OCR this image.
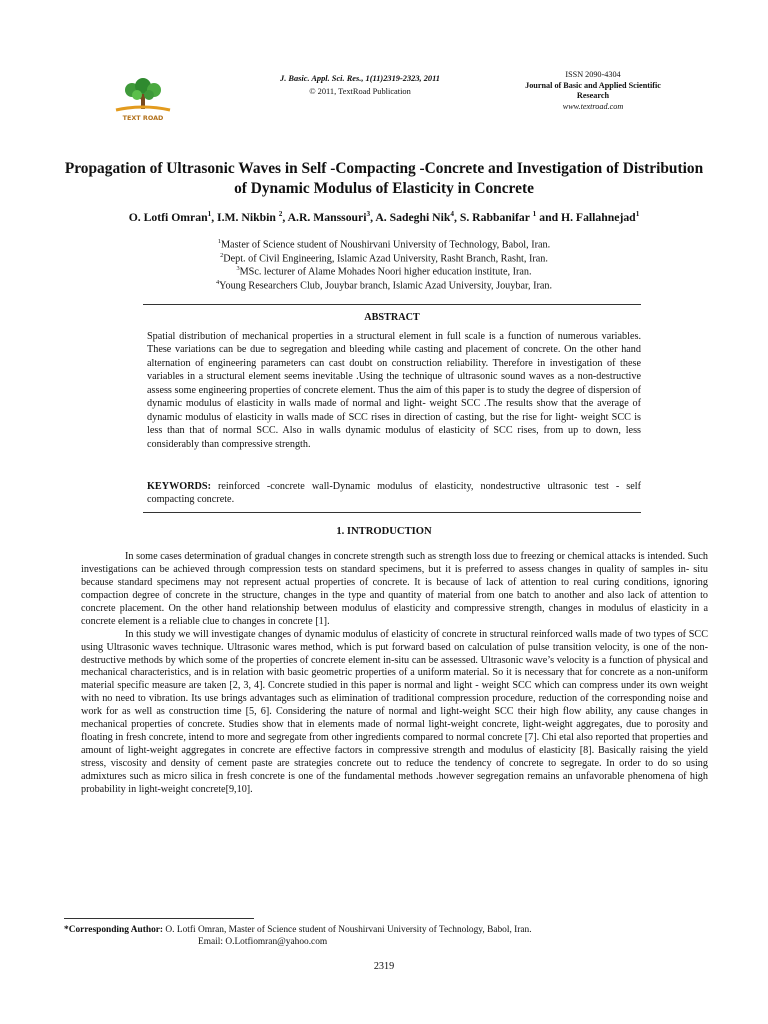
TEXT ROAD
J. Basic. Appl. Sci. Res., 1(11)2319-2323, 2011
© 2011, TextRoad Publication
ISSN 2090-4304
Journal of Basic and Applied Scientific Research
www.textroad.com
Propagation of Ultrasonic Waves in Self -Compacting -Concrete and Investigation of Distribution of Dynamic Modulus of Elasticity in Concrete
O. Lotfi Omran$^1$, I.M. Nikbin $^2$, A.R. Manssouri$^3$, A. Sadeghi Nik$^4$, S. Rabbanifar $^1$ and H. Fallahnejad$^1$
$^1$Master of Science student of Noushirvani University of Technology, Babol, Iran.
$^2$Dept. of Civil Engineering, Islamic Azad University, Rasht Branch, Rasht, Iran.
$^3$MSc. lecturer of Alame Mohades Noori higher education institute, Iran.
$^4$Young Researchers Club, Jouybar branch, Islamic Azad University, Jouybar, Iran.
ABSTRACT
Spatial distribution of mechanical properties in a structural element in full scale is a function of numerous variables. These variations can be due to segregation and bleeding while casting and placement of concrete. On the other hand alternation of engineering parameters can cast doubt on construction reliability. Therefore in investigation of these variables in a structural element seems inevitable .Using the technique of ultrasonic sound waves as a non-destructive assess some engineering properties of concrete element. Thus the aim of this paper is to study the degree of dispersion of dynamic modulus of elasticity in walls made of normal and light- weight SCC .The results show that the average of dynamic modulus of elasticity in walls made of SCC rises in direction of casting, but the rise for light- weight SCC is less than that of normal SCC. Also in walls dynamic modulus of elasticity of SCC rises, from up to down, less considerably than compressive strength.
KEYWORDS: reinforced -concrete wall-Dynamic modulus of elasticity, nondestructive ultrasonic test - self compacting concrete.
1. INTRODUCTION

In some cases determination of gradual changes in concrete strength such as strength loss due to freezing or chemical attacks is intended. Such investigations can be achieved through compression tests on standard specimens, but it is preferred to assess changes in quality of samples in- situ because standard specimens may not represent actual properties of concrete. It is because of lack of attention to real curing conditions, ignoring compaction degree of concrete in the structure, changes in the type and quantity of material from one batch to another and also lack of attention to concrete placement. On the other hand relationship between modulus of elasticity and compressive strength, changes in modulus of elasticity in a concrete element is a reliable clue to changes in concrete [1].

In this study we will investigate changes of dynamic modulus of elasticity of concrete in structural reinforced walls made of two types of SCC using Ultrasonic waves technique. Ultrasonic wares method, which is put forward based on calculation of pulse transition velocity, is one of the non-destructive methods by which some of the properties of concrete element in-situ can be assessed. Ultrasonic wave’s velocity is a function of physical and mechanical characteristics, and is in relation with basic geometric properties of a uniform material. So it is necessary that for concrete as a non-uniform material specific measure are taken [2, 3, 4]. Concrete studied in this paper is normal and light - weight SCC which can compress under its own weight with no need to vibration. Its use brings advantages such as elimination of traditional compression procedure, reduction of the corresponding noise and work for as well as construction time [5, 6]. Considering the nature of normal and light-weight SCC their high flow ability, any cause changes in mechanical properties of concrete. Studies show that in elements made of normal light-weight concrete, light-weight aggregates, due to porosity and floating in fresh concrete, intend to more and segregate from other ingredients compared to normal concrete [7]. Chi etal also reported that properties and amount of light-weight aggregates in concrete are effective factors in compressive strength and modulus of elasticity [8]. Basically raising the yield stress, viscosity and density of cement paste are strategies concrete out to reduce the tendency of concrete to segregate. In order to do so using admixtures such as micro silica in fresh concrete is one of the fundamental methods .however segregation remains an unfavorable phenomena of high probability in light-weight concrete[9,10].

*Corresponding Author: O. Lotfi Omran, Master of Science student of Noushirvani University of Technology, Babol, Iran.
Email: O.Lotfiomran@yahoo.com
2319
